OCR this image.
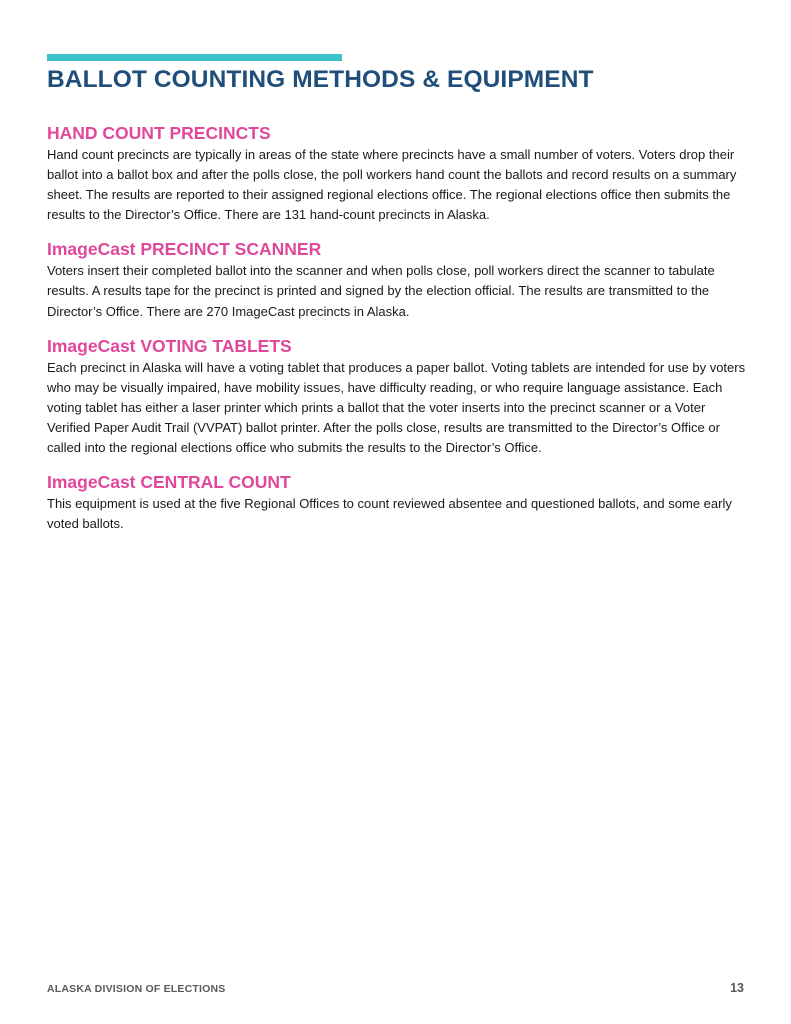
BALLOT COUNTING METHODS & EQUIPMENT
HAND COUNT PRECINCTS

Hand count precincts are typically in areas of the state where precincts have a small number of voters. Voters drop their ballot into a ballot box and after the polls close, the poll workers hand count the ballots and record results on a summary sheet. The results are reported to their assigned regional elections office. The regional elections office then submits the results to the Director’s Office. There are 131 hand-count precincts in Alaska.

ImageCast PRECINCT SCANNER

Voters insert their completed ballot into the scanner and when polls close, poll workers direct the scanner to tabulate results. A results tape for the precinct is printed and signed by the election official. The results are transmitted to the Director’s Office. There are 270 ImageCast precincts in Alaska.

ImageCast VOTING TABLETS

Each precinct in Alaska will have a voting tablet that produces a paper ballot. Voting tablets are intended for use by voters who may be visually impaired, have mobility issues, have difficulty reading, or who require language assistance. Each voting tablet has either a laser printer which prints a ballot that the voter inserts into the precinct scanner or a Voter Verified Paper Audit Trail (VVPAT) ballot printer. After the polls close, results are transmitted to the Director’s Office or called into the regional elections office who submits the results to the Director’s Office.

ImageCast CENTRAL COUNT

This equipment is used at the five Regional Offices to count reviewed absentee and questioned ballots, and some early voted ballots.

ALASKA DIVISION OF ELECTIONS	13
